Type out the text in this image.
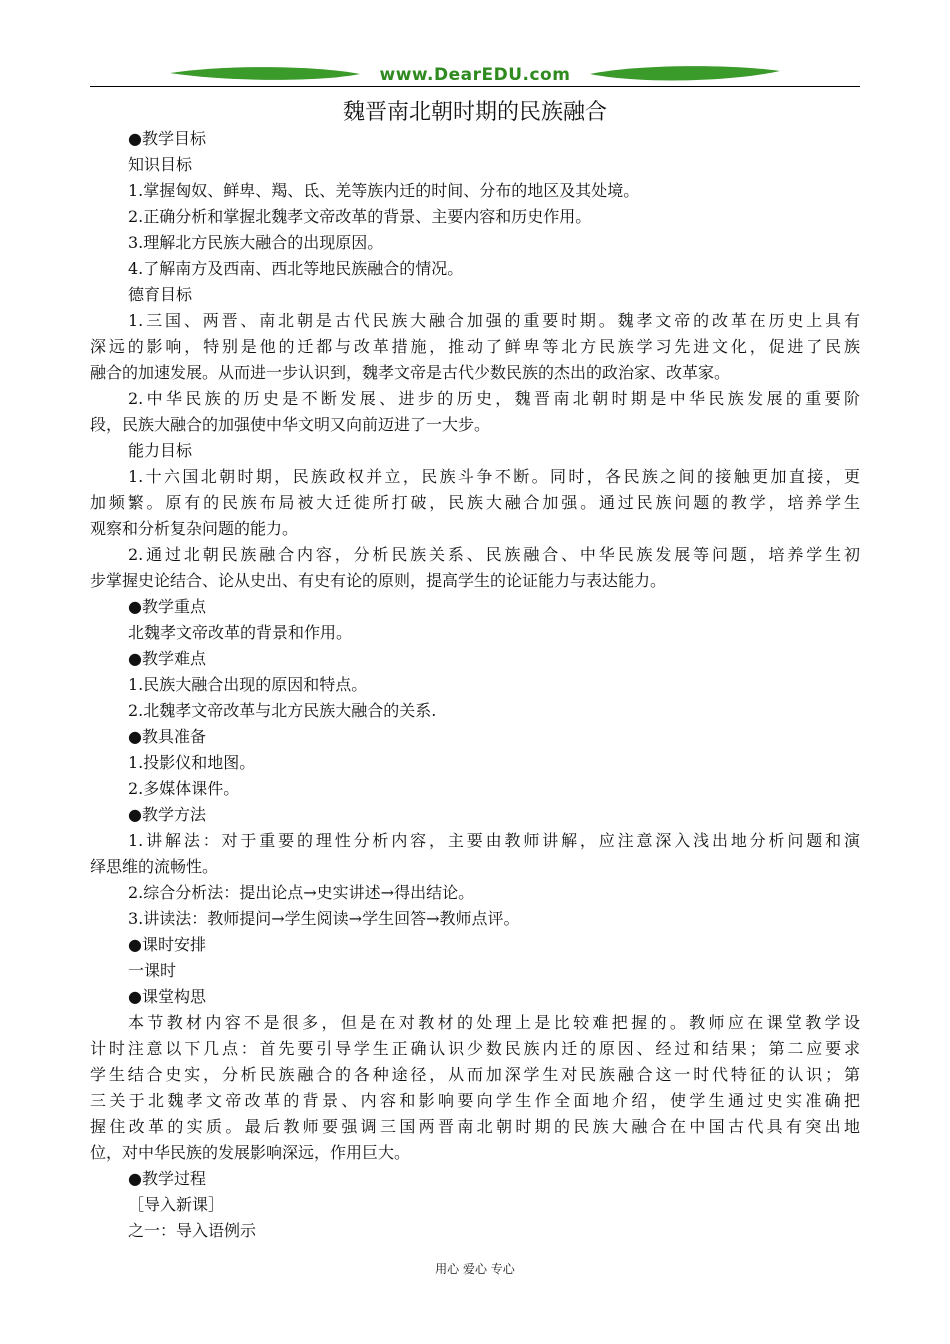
www.DearEDU.com
魏晋南北朝时期的民族融合
●教学目标
知识目标
1.掌握匈奴、鲜卑、羯、氐、羌等族内迁的时间、分布的地区及其处境。
2.正确分析和掌握北魏孝文帝改革的背景、主要内容和历史作用。
3.理解北方民族大融合的出现原因。
4.了解南方及西南、西北等地民族融合的情况。
德育目标
1.三国、两晋、南北朝是古代民族大融合加强的重要时期。魏孝文帝的改革在历史上具有
深远的影响，特别是他的迁都与改革措施，推动了鲜卑等北方民族学习先进文化，促进了民族
融合的加速发展。从而进一步认识到，魏孝文帝是古代少数民族的杰出的政治家、改革家。
2.中华民族的历史是不断发展、进步的历史，魏晋南北朝时期是中华民族发展的重要阶
段，民族大融合的加强使中华文明又向前迈进了一大步。
能力目标
1.十六国北朝时期，民族政权并立，民族斗争不断。同时，各民族之间的接触更加直接，更
加频繁。原有的民族布局被大迁徙所打破，民族大融合加强。通过民族问题的教学，培养学生
观察和分析复杂问题的能力。
2.通过北朝民族融合内容，分析民族关系、民族融合、中华民族发展等问题，培养学生初
步掌握史论结合、论从史出、有史有论的原则，提高学生的论证能力与表达能力。
●教学重点
北魏孝文帝改革的背景和作用。
●教学难点
1.民族大融合出现的原因和特点。
2.北魏孝文帝改革与北方民族大融合的关系.
●教具准备
1.投影仪和地图。
2.多媒体课件。
●教学方法
1.讲解法：对于重要的理性分析内容，主要由教师讲解，应注意深入浅出地分析问题和演
绎思维的流畅性。
2.综合分析法：提出论点→史实讲述→得出结论。
3.讲读法：教师提问→学生阅读→学生回答→教师点评。
●课时安排
一课时
●课堂构思
本节教材内容不是很多，但是在对教材的处理上是比较难把握的。教师应在课堂教学设
计时注意以下几点：首先要引导学生正确认识少数民族内迁的原因、经过和结果；第二应要求
学生结合史实，分析民族融合的各种途径，从而加深学生对民族融合这一时代特征的认识；第
三关于北魏孝文帝改革的背景、内容和影响要向学生作全面地介绍，使学生通过史实准确把
握住改革的实质。最后教师要强调三国两晋南北朝时期的民族大融合在中国古代具有突出地
位，对中华民族的发展影响深远，作用巨大。
●教学过程
［导入新课］
之一：导入语例示
用心 爱心 专心
